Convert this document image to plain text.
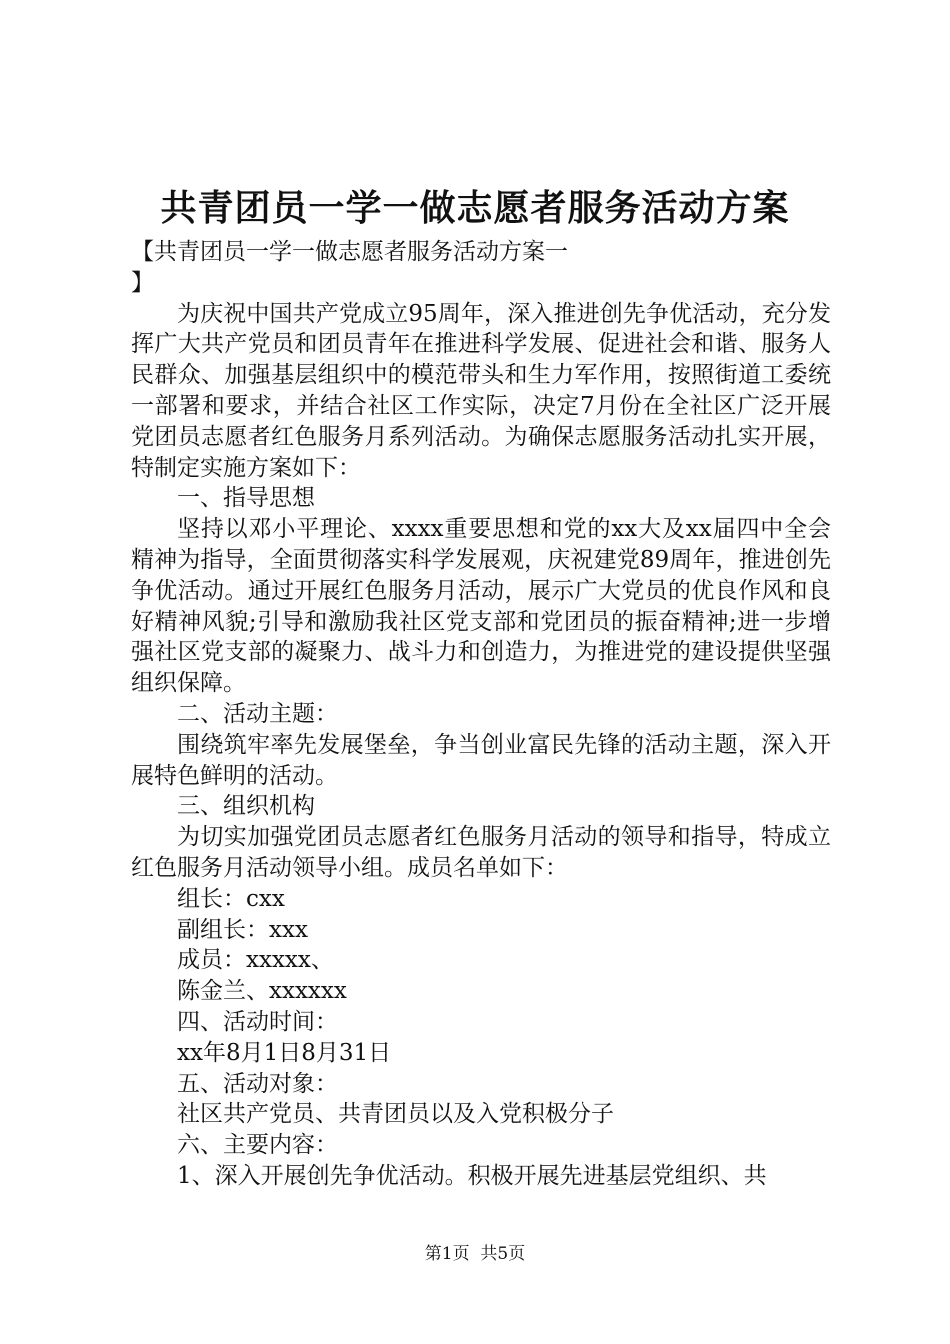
共青团员一学一做志愿者服务活动方案

【共青团员一学一做志愿者服务活动方案一

】

为庆祝中国共产党成立95周年，深入推进创先争优活动，充分发挥广大共产党员和团员青年在推进科学发展、促进社会和谐、服务人民群众、加强基层组织中的模范带头和生力军作用，按照街道工委统一部署和要求，并结合社区工作实际，决定7月份在全社区广泛开展党团员志愿者红色服务月系列活动。为确保志愿服务活动扎实开展，特制定实施方案如下：

一、指导思想

坚持以邓小平理论、xxxx重要思想和党的xx大及xx届四中全会精神为指导，全面贯彻落实科学发展观，庆祝建党89周年，推进创先争优活动。通过开展红色服务月活动，展示广大党员的优良作风和良好精神风貌;引导和激励我社区党支部和党团员的振奋精神;进一步增强社区党支部的凝聚力、战斗力和创造力，为推进党的建设提供坚强组织保障。

二、活动主题：

围绕筑牢率先发展堡垒，争当创业富民先锋的活动主题，深入开展特色鲜明的活动。

三、组织机构

为切实加强党团员志愿者红色服务月活动的领导和指导，特成立红色服务月活动领导小组。成员名单如下：

组长：cxx

副组长：xxx

成员：xxxxx、

陈金兰、xxxxxx

四、活动时间：

xx年8月1日8月31日

五、活动对象：

社区共产党员、共青团员以及入党积极分子

六、主要内容：

1、深入开展创先争优活动。积极开展先进基层党组织、共

第1页 共5页
